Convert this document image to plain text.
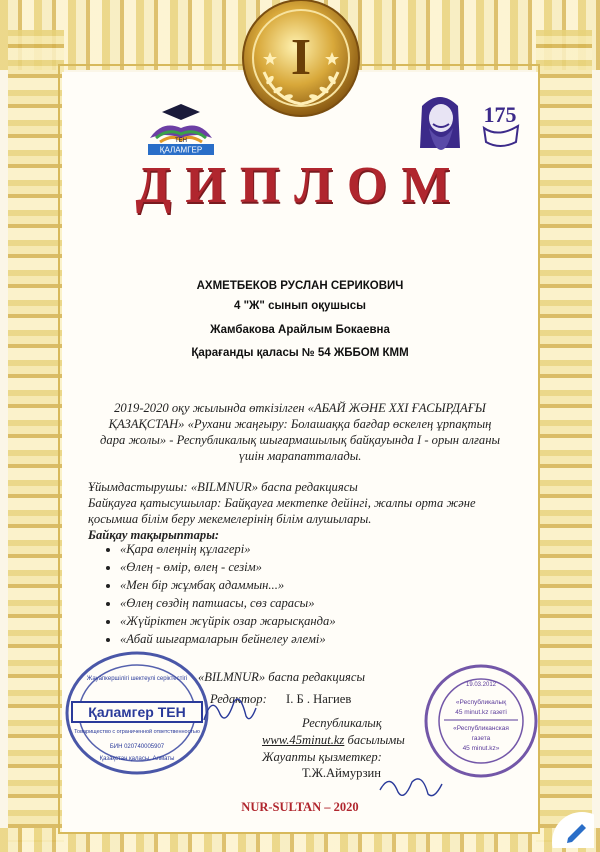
I
ҚАЛАМГЕР
ТЕН
175
ДИПЛОМ
АХМЕТБЕКОВ РУСЛАН СЕРИКОВИЧ
4 "Ж" сынып оқушысы
Жамбакова Арайлым Бокаевна
Қарағанды қаласы № 54 ЖББОМ КММ
2019-2020 оқу жылында өткізілген «АБАЙ ЖӘНЕ XXI ҒАСЫРДАҒЫ ҚАЗАҚСТАН» «Рухани жаңғыру: Болашаққа бағдар өскелең ұрпақтың дара жолы» - Республикалық шығармашылық байқауында I - орын алғаны үшін марапатталады.
Ұйымдастырушы: «BILMNUR» баспа редакциясы
Байқауға қатысушылар: Байқауға мектепке дейінгі, жалпы орта және қосымша білім беру мекемелерінің білім алушылары.
Байқау тақырыптары:
• «Қара өлеңнің құлагері»
• «Өлең - өмір, өлең - сезім»
• «Мен бір жұмбақ адаммын...»
• «Өлең сөздің патшасы, сөз сарасы»
• «Жүйріктен жүйрік озар жарысқанда»
• «Абай шығармаларын бейнелеу әлемі»
«BILMNUR» баспа редакциясы
Редактор: І. Б . Нагиев
Республикалық
www.45minut.kz басылымы
Жауапты қызметкер:
Т.Ж.Аймурзин
Жауапкершілігі шектеулі серіктестігі
Қаламгер ТЕН
Товарищество с ограниченной ответственностью
БИН 020740005907
Қазақстан қаласы, Алматы
19.03.2012
«Республикалық
45 minut.kz газеті
«Республиканская
газета
45 minut.kz»
NUR-SULTAN – 2020
